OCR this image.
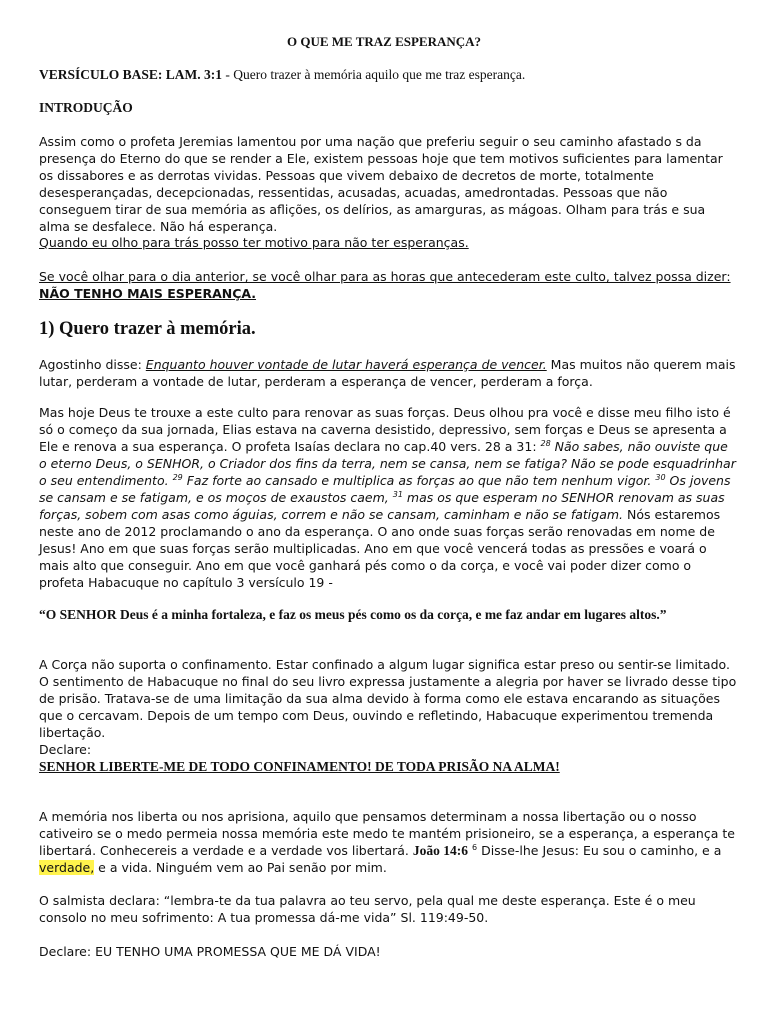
O QUE ME TRAZ ESPERANÇA?

VERSÍCULO BASE: LAM. 3:1 - Quero trazer à memória aquilo que me traz esperança.

INTRODUÇÃO

Assim como o profeta Jeremias lamentou por uma nação que preferiu seguir o seu caminho afastado s da presença do Eterno do que se render a Ele, existem pessoas hoje que tem motivos suficientes para lamentar os dissabores e as derrotas vividas. Pessoas que vivem debaixo de decretos de morte, totalmente desesperançadas, decepcionadas, ressentidas, acusadas, acuadas, amedrontadas. Pessoas que não conseguem tirar de sua memória as aflições, os delírios, as amarguras, as mágoas. Olham para trás e sua alma se desfalece. Não há esperança.

Quando eu olho para trás posso ter motivo para não ter esperanças.

Se você olhar para o dia anterior, se você olhar para as horas que antecederam este culto, talvez possa dizer:
NÃO TENHO MAIS ESPERANÇA.

1) Quero trazer à memória.

Agostinho disse: Enquanto houver vontade de lutar haverá esperança de vencer. Mas muitos não querem mais lutar, perderam a vontade de lutar, perderam a esperança de vencer, perderam a força.

Mas hoje Deus te trouxe a este culto para renovar as suas forças. Deus olhou pra você e disse meu filho isto é só o começo da sua jornada, Elias estava na caverna desistido, depressivo, sem forças e Deus se apresenta a Ele e renova a sua esperança. O profeta Isaías declara no cap.40 vers. 28 a 31: $^{28}$ Não sabes, não ouviste que o eterno Deus, o SENHOR, o Criador dos fins da terra, nem se cansa, nem se fatiga? Não se pode esquadrinhar o seu entendimento. $^{29}$ Faz forte ao cansado e multiplica as forças ao que não tem nenhum vigor. $^{30}$ Os jovens se cansam e se fatigam, e os moços de exaustos caem, $^{31}$ mas os que esperam no SENHOR renovam as suas forças, sobem com asas como águias, correm e não se cansam, caminham e não se fatigam. Nós estaremos neste ano de 2012 proclamando o ano da esperança. O ano onde suas forças serão renovadas em nome de Jesus! Ano em que suas forças serão multiplicadas. Ano em que você vencerá todas as pressões e voará o mais alto que conseguir. Ano em que você ganhará pés como o da corça, e você vai poder dizer como o profeta Habacuque no capítulo 3 versículo 19 -

“O SENHOR Deus é a minha fortaleza, e faz os meus pés como os da corça, e me faz andar em lugares altos.”

A Corça não suporta o confinamento. Estar confinado a algum lugar significa estar preso ou sentir-se limitado. O sentimento de Habacuque no final do seu livro expressa justamente a alegria por haver se livrado desse tipo de prisão. Tratava-se de uma limitação da sua alma devido à forma como ele estava encarando as situações que o cercavam. Depois de um tempo com Deus, ouvindo e refletindo, Habacuque experimentou tremenda libertação.

Declare:
SENHOR LIBERTE-ME DE TODO CONFINAMENTO! DE TODA PRISÃO NA ALMA!

A memória nos liberta ou nos aprisiona, aquilo que pensamos determinam a nossa libertação ou o nosso cativeiro se o medo permeia nossa memória este medo te mantém prisioneiro, se a esperança, a esperança te libertará. Conhecereis a verdade e a verdade vos libertará. João 14:6 $^6$ Disse-lhe Jesus: Eu sou o caminho, e a verdade, e a vida. Ninguém vem ao Pai senão por mim.

O salmista declara: “lembra-te da tua palavra ao teu servo, pela qual me deste esperança. Este é o meu consolo no meu sofrimento: A tua promessa dá-me vida” Sl. 119:49-50.

Declare: EU TENHO UMA PROMESSA QUE ME DÁ VIDA!
